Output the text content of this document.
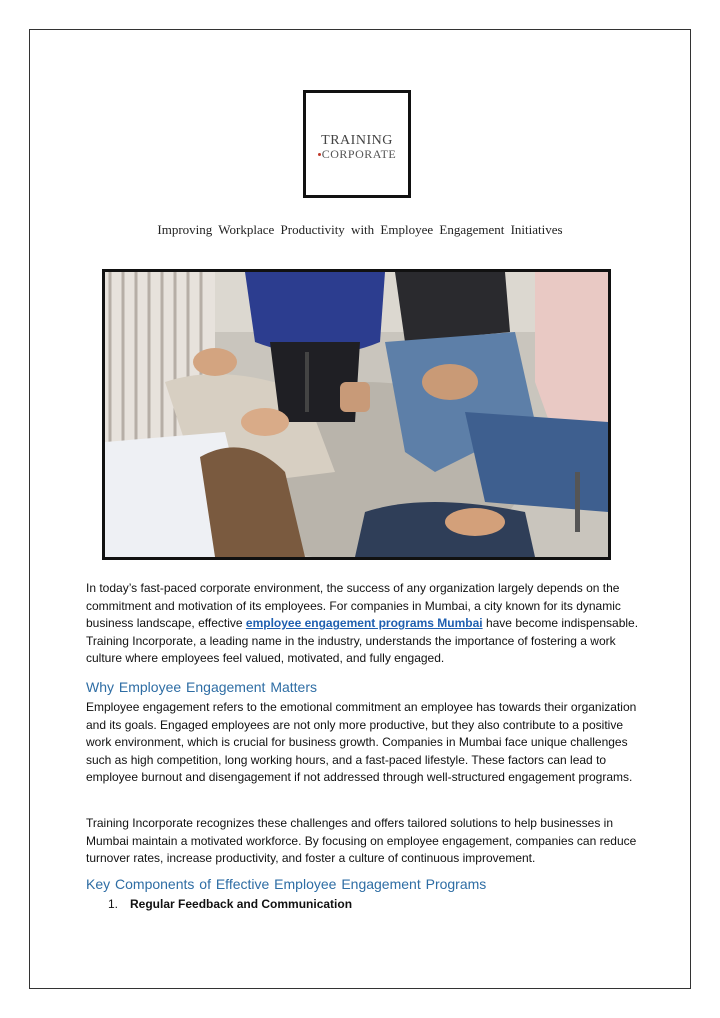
TRAINING
CORPORATE
Improving Workplace Productivity with Employee Engagement Initiatives
In today’s fast-paced corporate environment, the success of any organization largely depends on the commitment and motivation of its employees. For companies in Mumbai, a city known for its dynamic business landscape, effective employee engagement programs Mumbai have become indispensable. Training Incorporate, a leading name in the industry, understands the importance of fostering a work culture where employees feel valued, motivated, and fully engaged.
Why Employee Engagement Matters
Employee engagement refers to the emotional commitment an employee has towards their organization and its goals. Engaged employees are not only more productive, but they also contribute to a positive work environment, which is crucial for business growth. Companies in Mumbai face unique challenges such as high competition, long working hours, and a fast-paced lifestyle. These factors can lead to employee burnout and disengagement if not addressed through well-structured engagement programs.
Training Incorporate recognizes these challenges and offers tailored solutions to help businesses in Mumbai maintain a motivated workforce. By focusing on employee engagement, companies can reduce turnover rates, increase productivity, and foster a culture of continuous improvement.
Key Components of Effective Employee Engagement Programs
1. Regular Feedback and Communication
